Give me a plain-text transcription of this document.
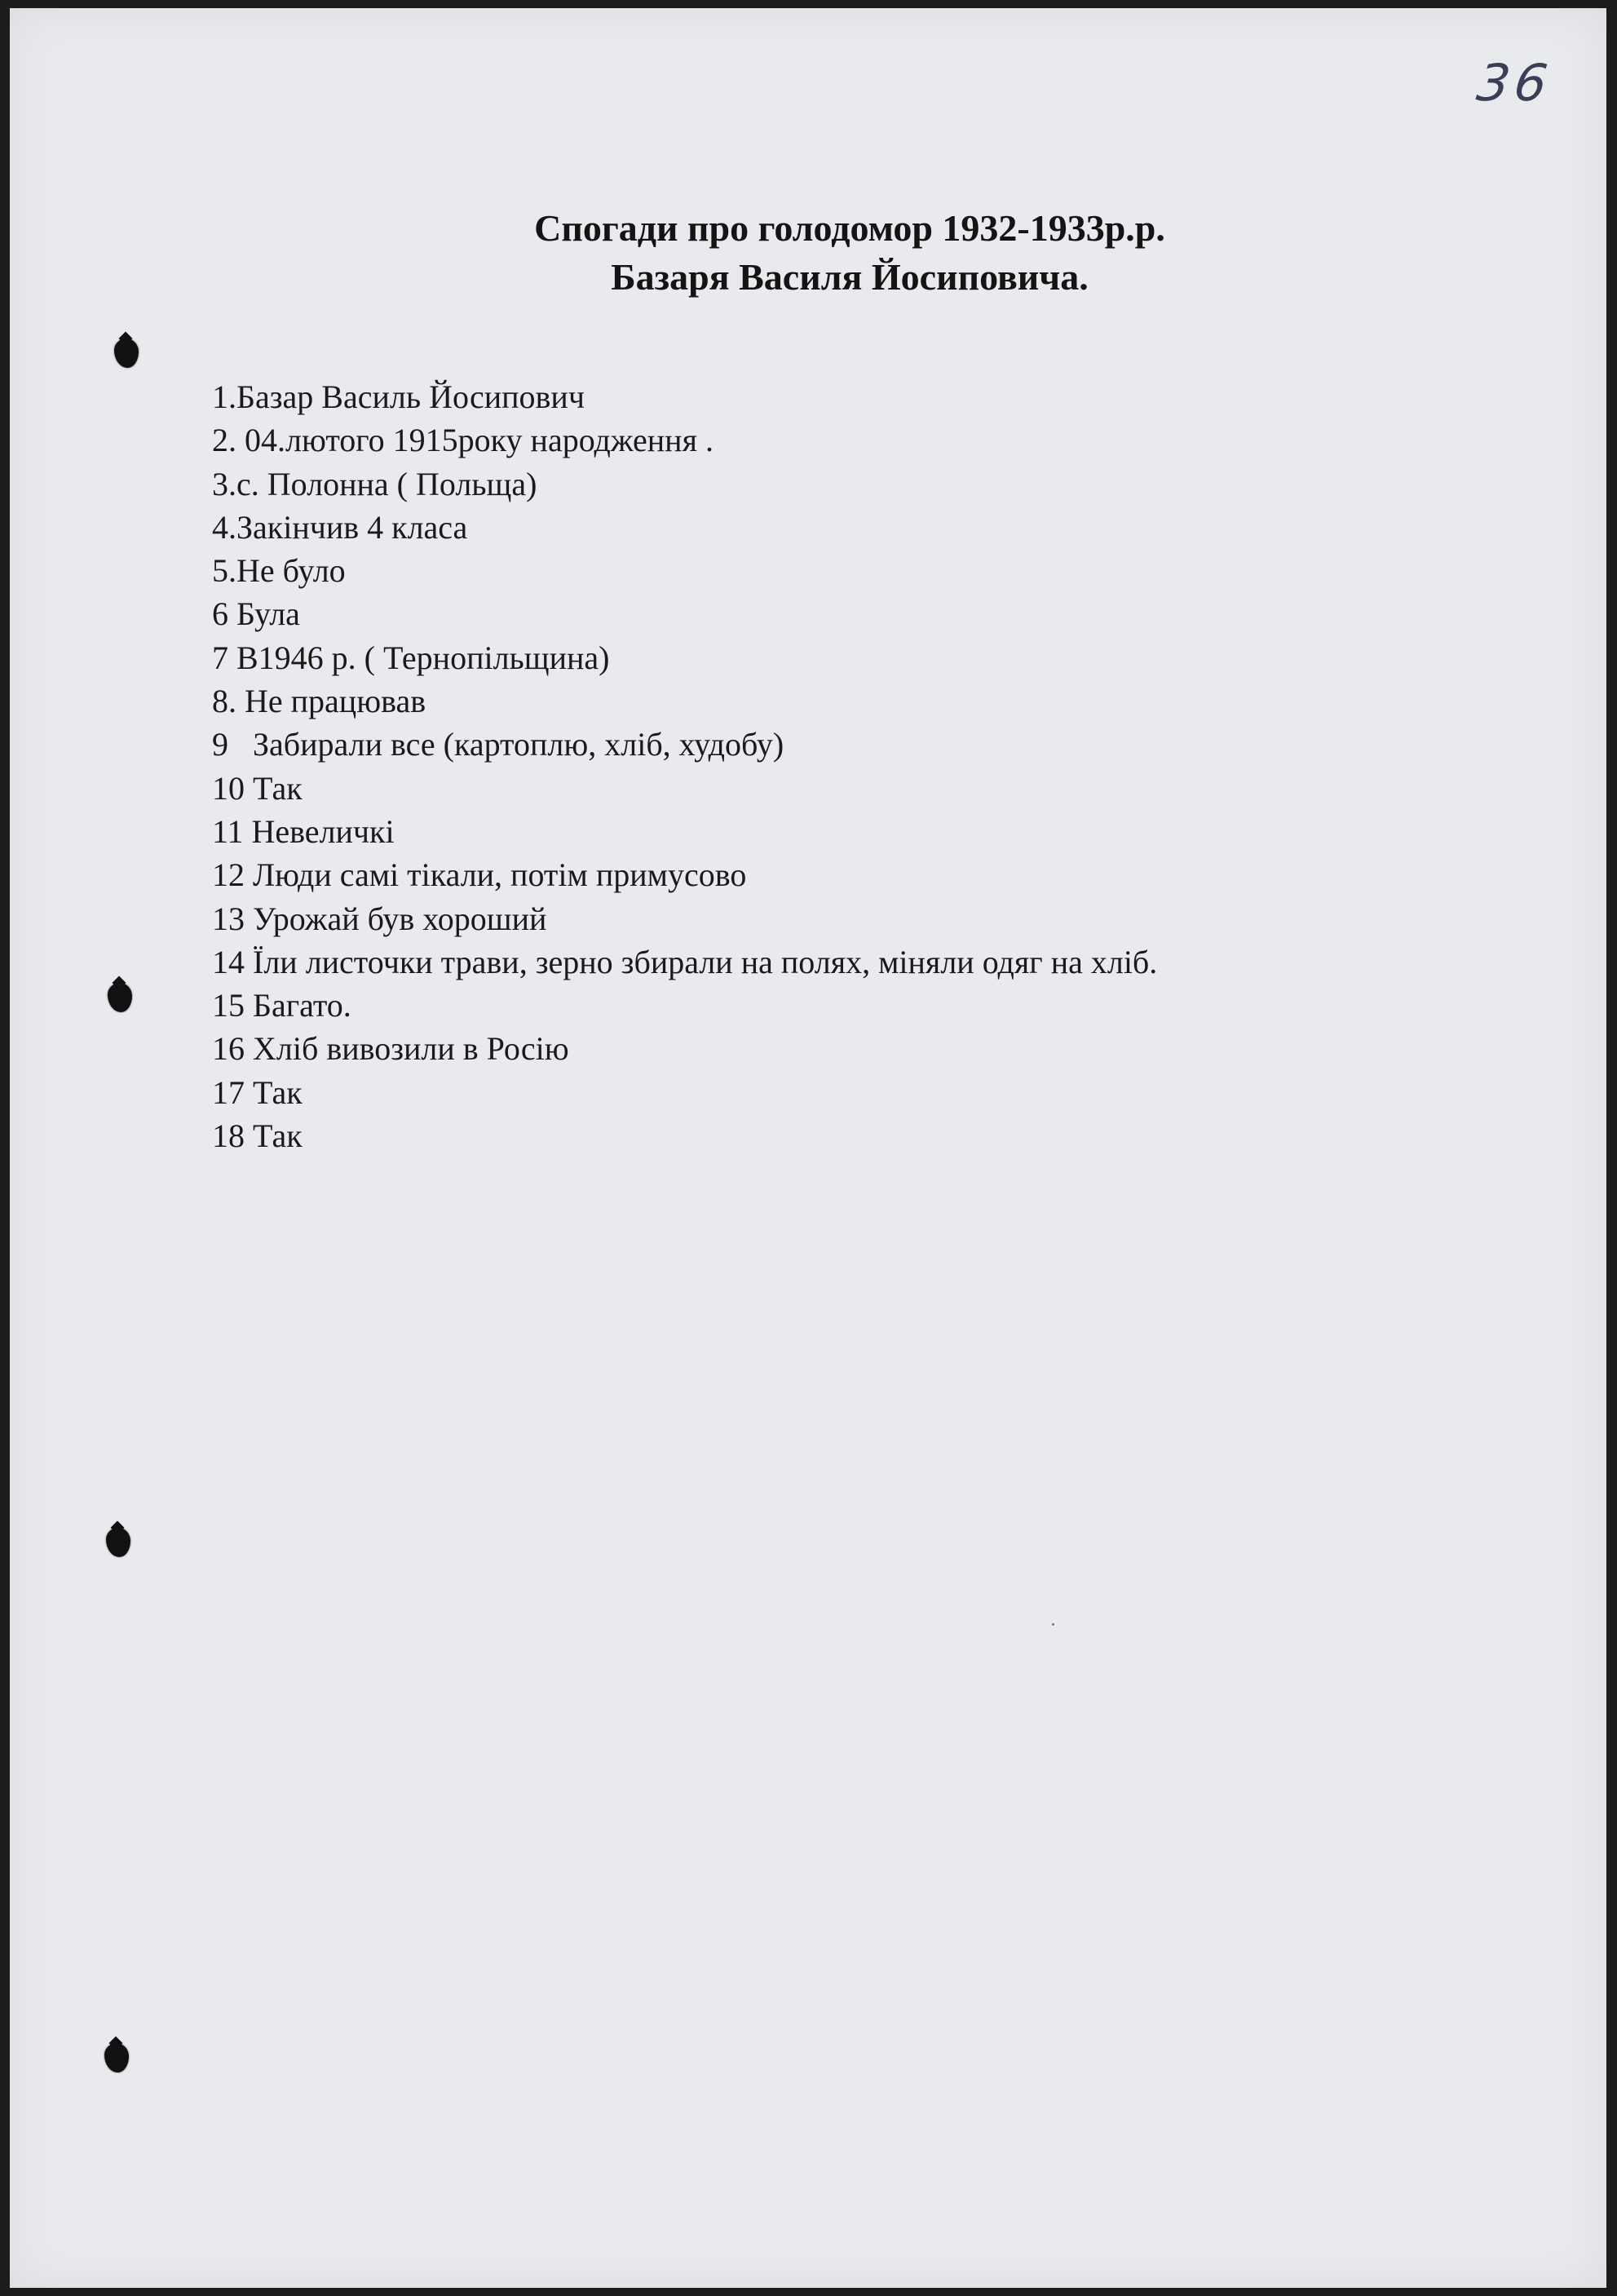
36
Спогади про голодомор 1932-1933р.р.
Базаря Василя Йосиповича.
1.Базар Василь Йосипович
2. 04.лютого 1915року народження .
3.с. Полонна ( Польща)
4.Закінчив 4 класа
5.Не було
6 Була
7 В1946 р. ( Тернопільщина)
8. Не працював
9   Забирали все (картоплю, хліб, худобу)
10 Так
11 Невеличкі
12 Люди самі тікали, потім примусово
13 Урожай був хороший
14 Їли листочки трави, зерно збирали на полях, міняли одяг на хліб.
15 Багато.
16 Хліб вивозили в Росію
17 Так
18 Так
